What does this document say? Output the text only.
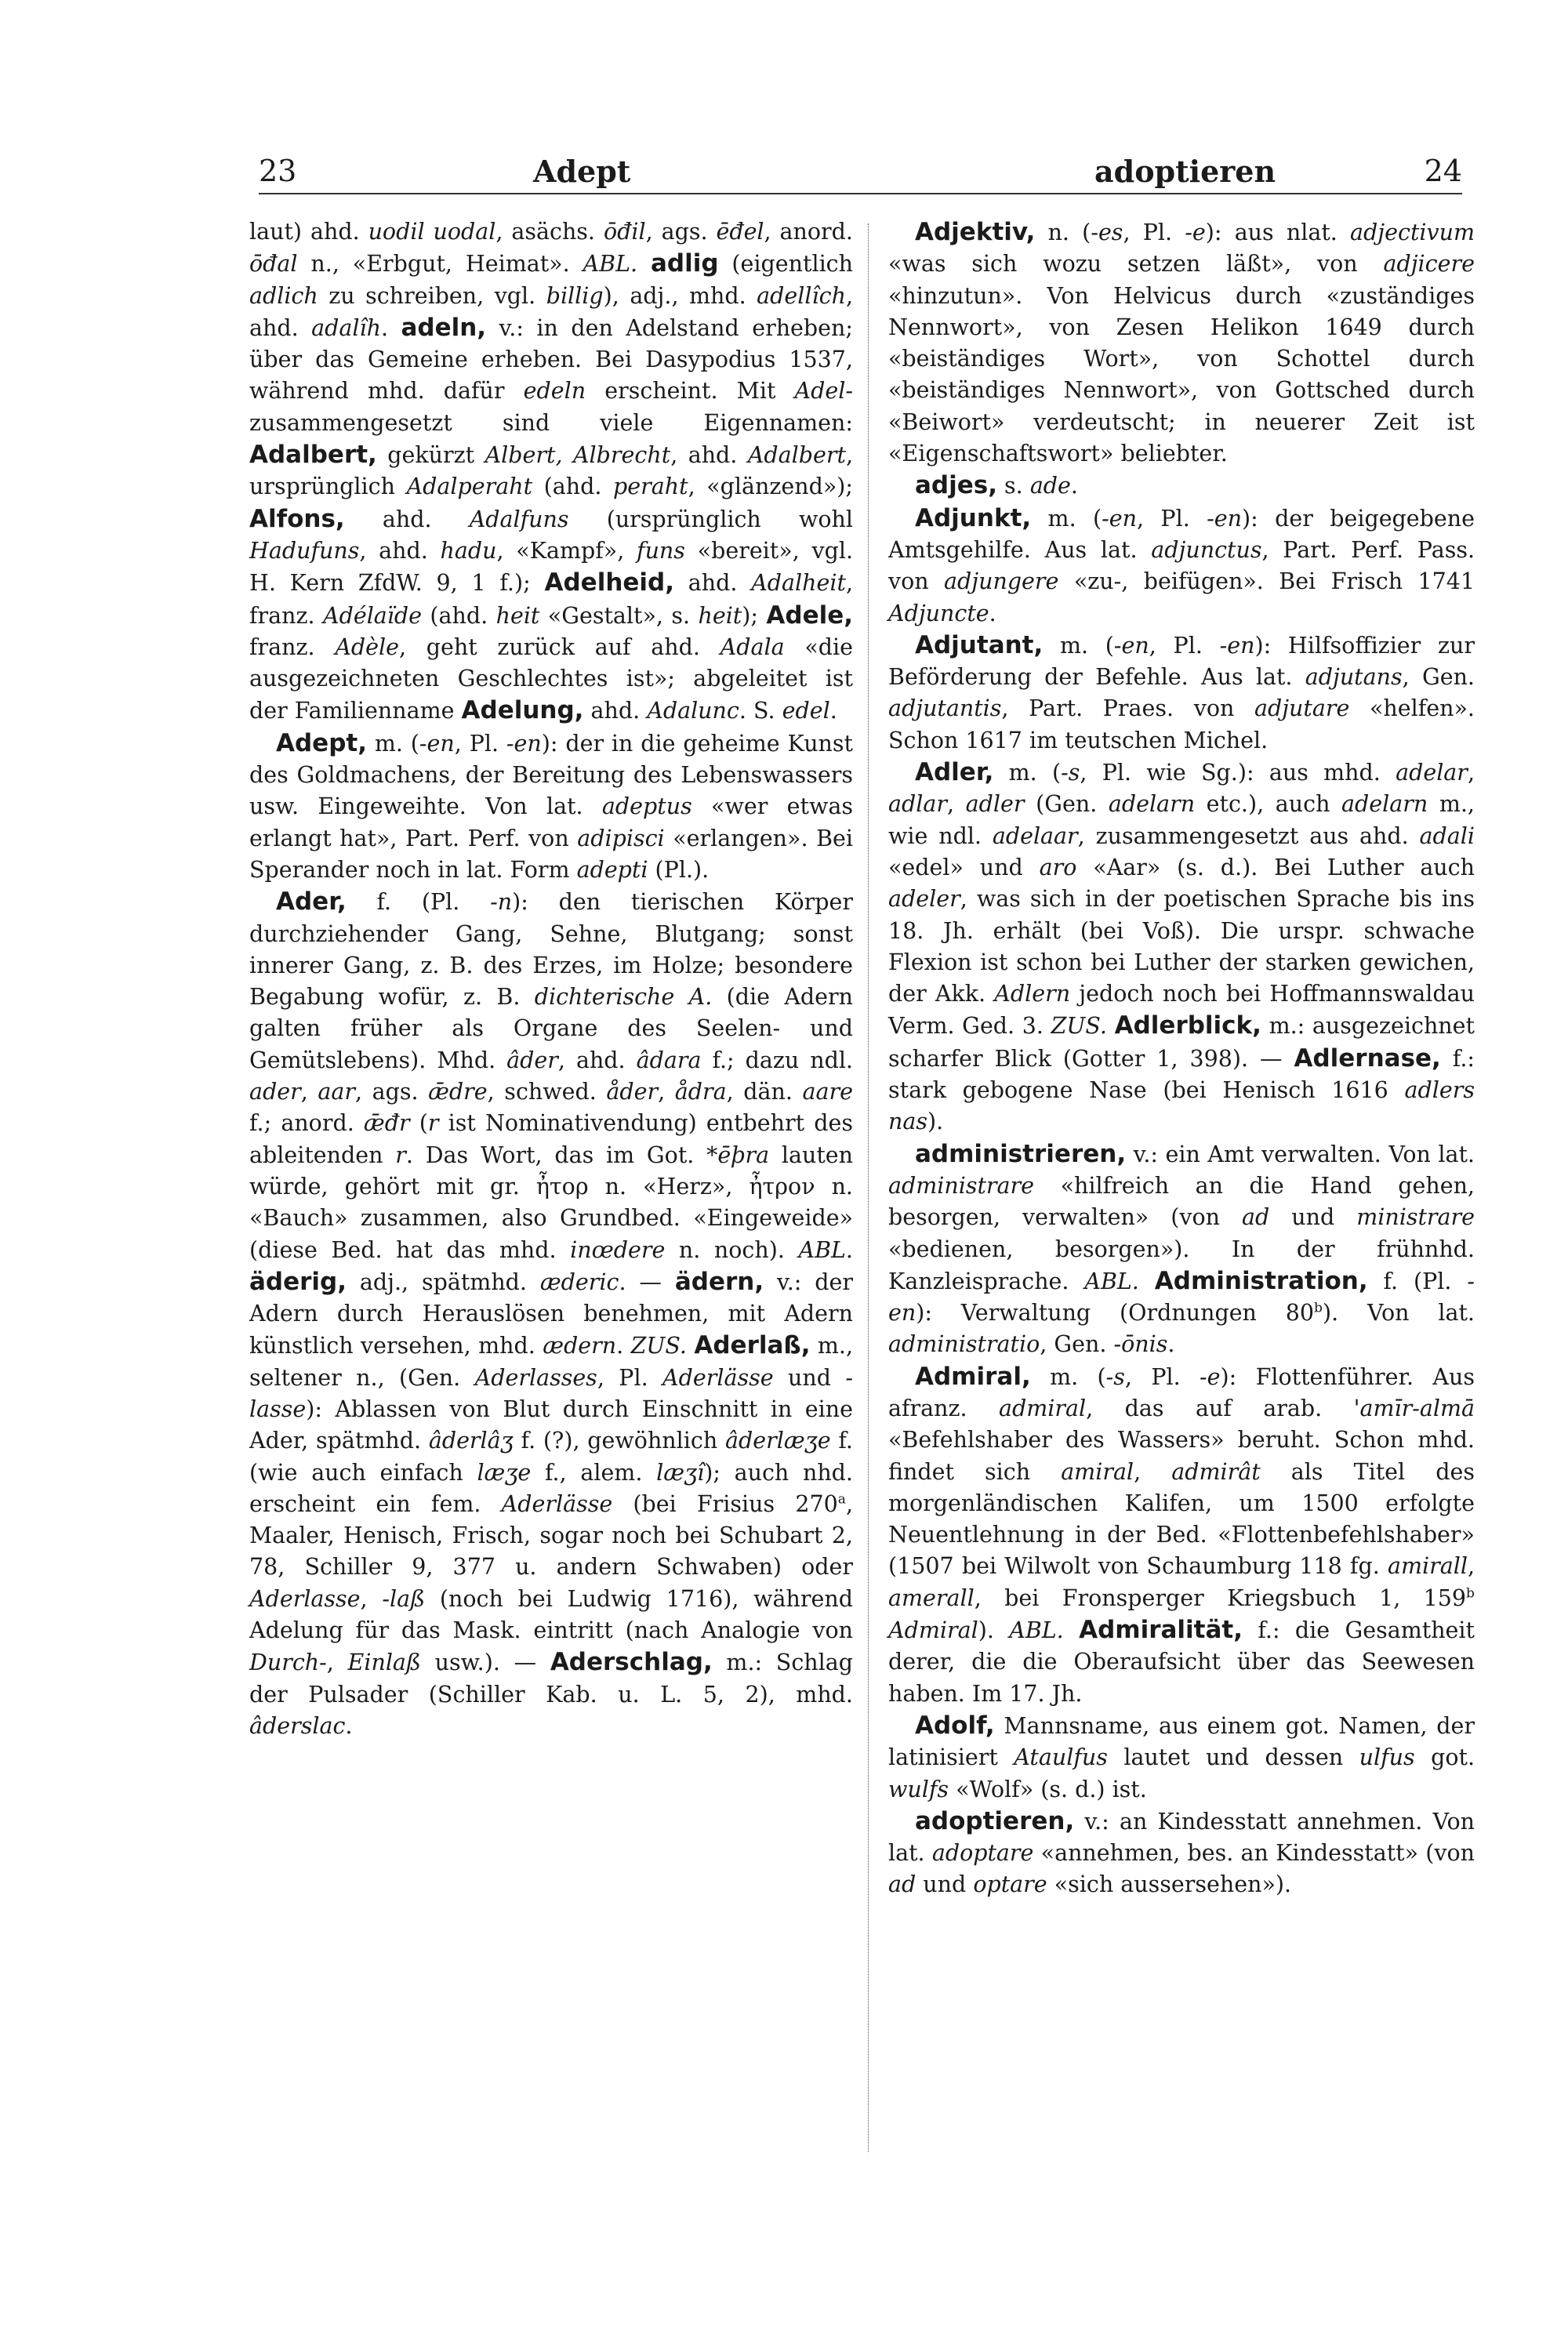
23	Adept	adoptieren	24

laut) ahd. uodil uodal, asächs. ōđil, ags. ēđel, anord. ōđal n., «Erbgut, Heimat». ABL. adlig (eigentlich adlich zu schreiben, vgl. billig), adj., mhd. adellîch, ahd. adalîh. adeln, v.: in den Adelstand erheben; über das Gemeine erheben. Bei Dasypodius 1537, während mhd. dafür edeln erscheint. Mit Adel- zusammengesetzt sind viele Eigennamen: Adalbert, gekürzt Albert, Albrecht, ahd. Adalbert, ursprünglich Adalperaht (ahd. peraht, «glänzend»); Alfons, ahd. Adalfuns (ursprünglich wohl Hadufuns, ahd. hadu, «Kampf», funs «bereit», vgl. H. Kern ZfdW. 9, 1 f.); Adelheid, ahd. Adalheit, franz. Adélaïde (ahd. heit «Gestalt», s. heit); Adele, franz. Adèle, geht zurück auf ahd. Adala «die ausgezeichneten Geschlechtes ist»; abgeleitet ist der Familienname Adelung, ahd. Adalunc. S. edel.

Adept, m. (-en, Pl. -en): der in die geheime Kunst des Goldmachens, der Bereitung des Lebenswassers usw. Eingeweihte. Von lat. adeptus «wer etwas erlangt hat», Part. Perf. von adipisci «erlangen». Bei Sperander noch in lat. Form adepti (Pl.).

Ader, f. (Pl. -n): den tierischen Körper durchziehender Gang, Sehne, Blutgang; sonst innerer Gang, z. B. des Erzes, im Holze; besondere Begabung wofür, z. B. dichterische A. (die Adern galten früher als Organe des Seelen- und Gemütslebens). Mhd. âder, ahd. âdara f.; dazu ndl. ader, aar, ags. ǣdre, schwed. åder, ådra, dän. aare f.; anord. ǣđr (r ist Nominativendung) entbehrt des ableitenden r. Das Wort, das im Got. *ēþra lauten würde, gehört mit gr. ἦτορ n. «Herz», ἦτρον n. «Bauch» zusammen, also Grundbed. «Eingeweide» (diese Bed. hat das mhd. inœdere n. noch). ABL. äderig, adj., spätmhd. æderic. — ädern, v.: der Adern durch Herauslösen benehmen, mit Adern künstlich versehen, mhd. ædern. ZUS. Aderlaß, m., seltener n., (Gen. Aderlasses, Pl. Aderlässe und -lasse): Ablassen von Blut durch Einschnitt in eine Ader, spätmhd. âderlâʒ f. (?), gewöhnlich âderlæʒe f. (wie auch einfach læʒe f., alem. læʒî); auch nhd. erscheint ein fem. Aderlässe (bei Frisius 270$^a$, Maaler, Henisch, Frisch, sogar noch bei Schubart 2, 78, Schiller 9, 377 u. andern Schwaben) oder Aderlasse, -laß (noch bei Ludwig 1716), während Adelung für das Mask. eintritt (nach Analogie von Durch-, Einlaß usw.). — Aderschlag, m.: Schlag der Pulsader (Schiller Kab. u. L. 5, 2), mhd. âderslac.

Adjektiv, n. (-es, Pl. -e): aus nlat. adjectivum «was sich wozu setzen läßt», von adjicere «hinzutun». Von Helvicus durch «zuständiges Nennwort», von Zesen Helikon 1649 durch «beiständiges Wort», von Schottel durch «beiständiges Nennwort», von Gottsched durch «Beiwort» verdeutscht; in neuerer Zeit ist «Eigenschaftswort» beliebter.

adjes, s. ade.

Adjunkt, m. (-en, Pl. -en): der beigegebene Amtsgehilfe. Aus lat. adjunctus, Part. Perf. Pass. von adjungere «zu-, beifügen». Bei Frisch 1741 Adjuncte.

Adjutant, m. (-en, Pl. -en): Hilfsoffizier zur Beförderung der Befehle. Aus lat. adjutans, Gen. adjutantis, Part. Praes. von adjutare «helfen». Schon 1617 im teutschen Michel.

Adler, m. (-s, Pl. wie Sg.): aus mhd. adelar, adlar, adler (Gen. adelarn etc.), auch adelarn m., wie ndl. adelaar, zusammengesetzt aus ahd. adali «edel» und aro «Aar» (s. d.). Bei Luther auch adeler, was sich in der poetischen Sprache bis ins 18. Jh. erhält (bei Voß). Die urspr. schwache Flexion ist schon bei Luther der starken gewichen, der Akk. Adlern jedoch noch bei Hoffmannswaldau Verm. Ged. 3. ZUS. Adlerblick, m.: ausgezeichnet scharfer Blick (Gotter 1, 398). — Adlernase, f.: stark gebogene Nase (bei Henisch 1616 adlers nas).

administrieren, v.: ein Amt verwalten. Von lat. administrare «hilfreich an die Hand gehen, besorgen, verwalten» (von ad und ministrare «bedienen, besorgen»). In der frühnhd. Kanzleisprache. ABL. Administration, f. (Pl. -en): Verwaltung (Ordnungen 80$^b$). Von lat. administratio, Gen. -ōnis.

Admiral, m. (-s, Pl. -e): Flottenführer. Aus afranz. admiral, das auf arab. 'amīr-almā «Befehlshaber des Wassers» beruht. Schon mhd. findet sich amiral, admirât als Titel des morgenländischen Kalifen, um 1500 erfolgte Neuentlehnung in der Bed. «Flottenbefehlshaber» (1507 bei Wilwolt von Schaumburg 118 fg. amirall, amerall, bei Fronsperger Kriegsbuch 1, 159$^b$ Admiral). ABL. Admiralität, f.: die Gesamtheit derer, die die Oberaufsicht über das Seewesen haben. Im 17. Jh.

Adolf, Mannsname, aus einem got. Namen, der latinisiert Ataulfus lautet und dessen ulfus got. wulfs «Wolf» (s. d.) ist.

adoptieren, v.: an Kindesstatt annehmen. Von lat. adoptare «annehmen, bes. an Kindesstatt» (von ad und optare «sich aussersehen»).
